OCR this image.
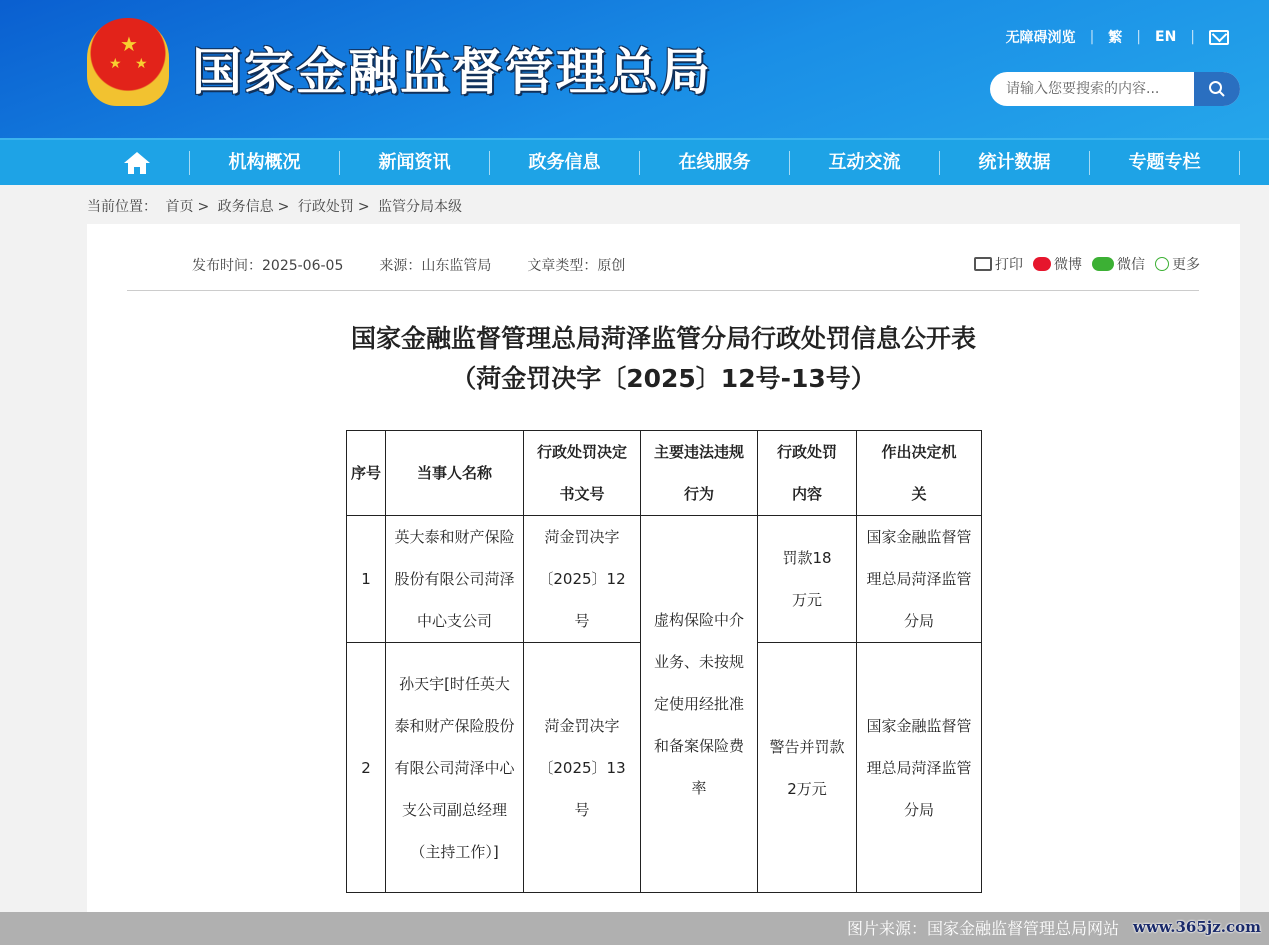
★
★ ★ 国家金融监督管理总局
无障碍浏览 | 繁 | EN |
请输入您要搜索的内容...
机构概况	新闻资讯	政务信息	在线服务	互动交流	统计数据	专题专栏
当前位置： 首页 > 政务信息 > 行政处罚 > 监管分局本级
发布时间：2025-06-05	来源：山东监管局	文章类型：原创	打印	微博	微信	更多
国家金融监督管理总局菏泽监管分局行政处罚信息公开表
（菏金罚决字〔2025〕12号-13号）
序号	当事人名称	行政处罚决定书文号	主要违法违规行为	行政处罚内容	作出决定机关
1	英大泰和财产保险股份有限公司菏泽中心支公司	菏金罚决字〔2025〕12号	虚构保险中介业务、未按规定使用经批准和备案保险费率	罚款18万元	国家金融监督管理总局菏泽监管分局
2	孙天宇[时任英大泰和财产保险股份有限公司菏泽中心支公司副总经理（主持工作）]	菏金罚决字〔2025〕13号		警告并罚款2万元	国家金融监督管理总局菏泽监管分局
图片来源：国家金融监督管理总局网站 www.365jz.com
